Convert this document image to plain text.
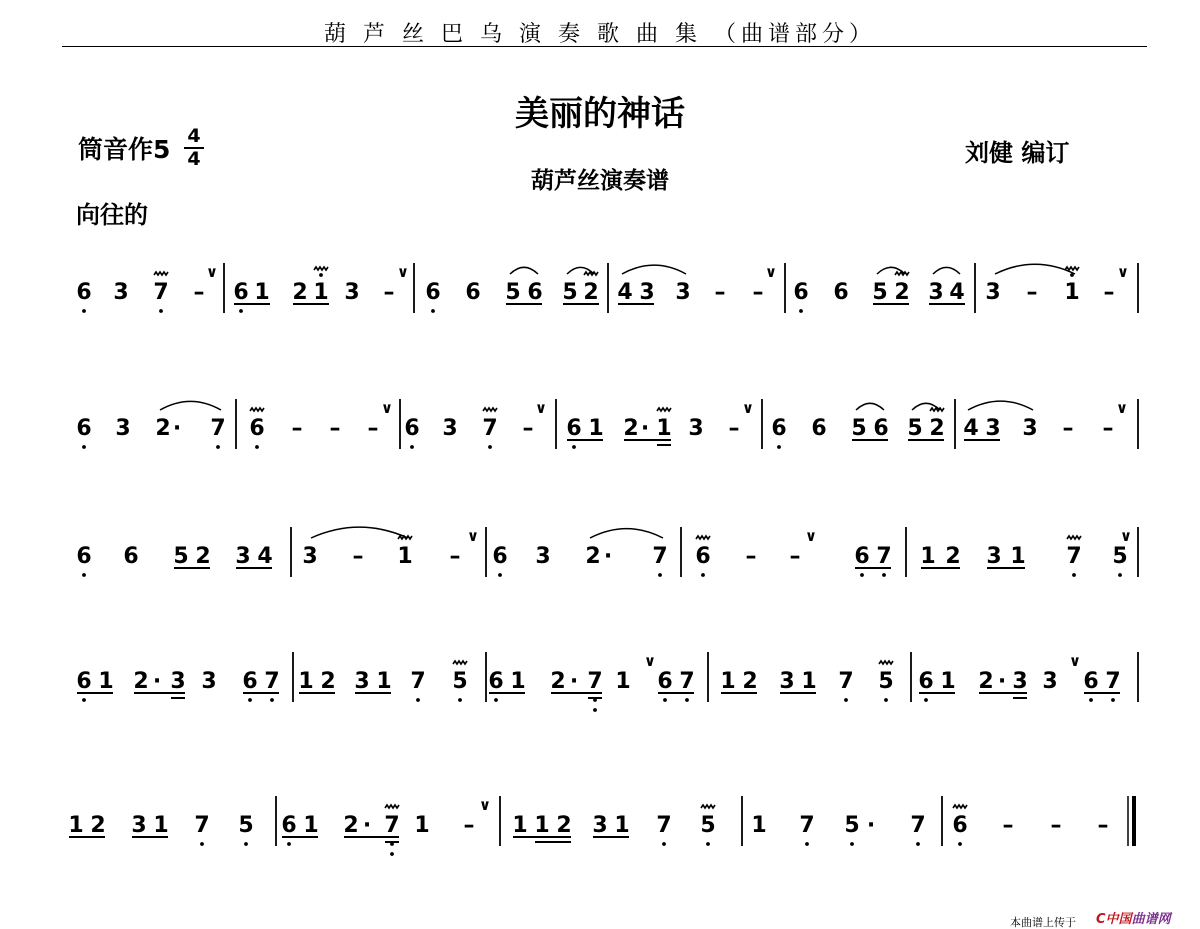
葫 芦 丝 巴 乌 演 奏 歌 曲 集 （曲谱部分）
美丽的神话
筒音作$5 \frac{4}{4}$	刘健 编订
葫芦丝演奏谱
向往的
6 3 7 –
∨
6 1 2 1 3 –
∨
6 6 5 6 5 2 4 3 3 – –
∨
6 6 5 2 3 4 3 – 1 –
∨
6 3 2 · 7 6 – – –
∨
6 3 7 –
∨
6 1 2 · 1 3 –
∨
6 6 5 6 5 2 4 3 3 – –
∨
6 6 5 2 3 4 3 – 1 –
∨
6 3 2 · 7 6 – –
∨
6 7 1 2 3 1 7 5
∨
6 1 2 · 3 3 6 7 1 2 3 1 7 5 6 1 2 · 7 1
∨
6 7 1 2 3 1 7 5 6 1 2 · 3 3
∨
6 7
1 2 3 1 7 5 6 1 2 · 7 1 –
∨
1 1 2 3 1 7 5 1 7 5 · 7 6 – – –
本曲谱上传于 C中国曲谱网
